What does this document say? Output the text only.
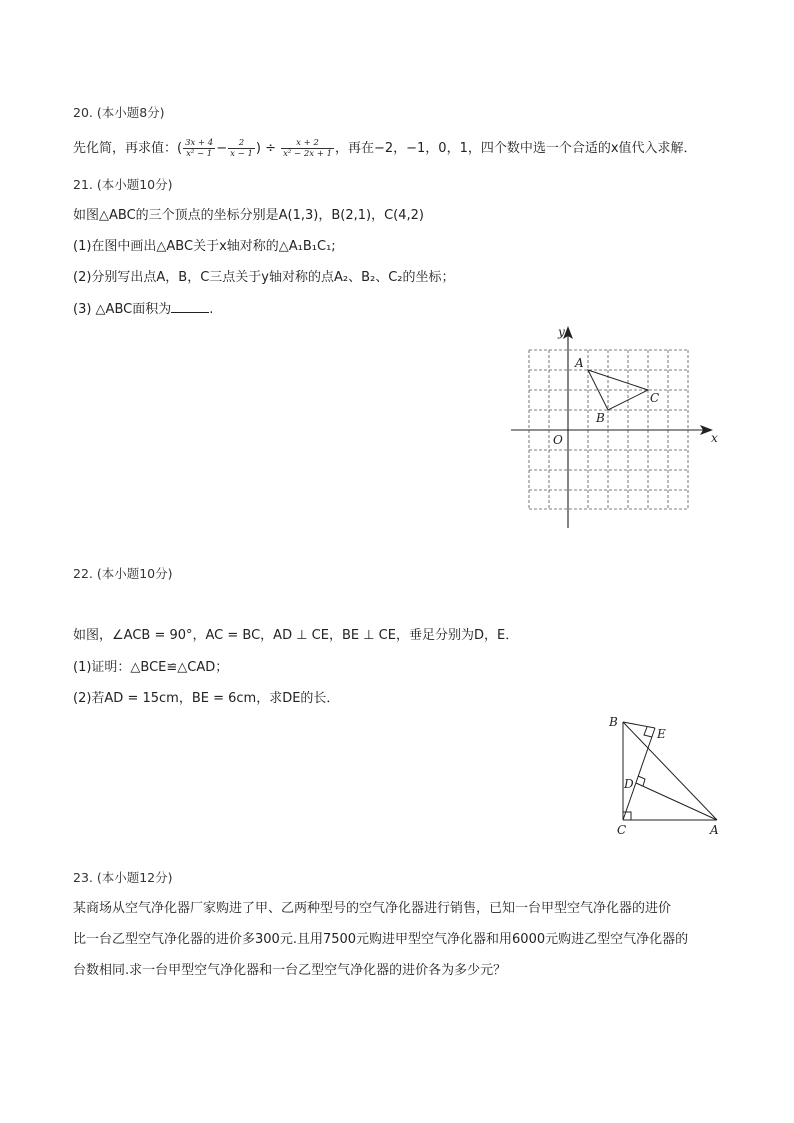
20. (本小题8分)
先化简，再求值：( $\frac{3x + 4}{\text{x² − 1}} - \frac{2}{x - 1}$ ) ÷ $\frac{x + 2}{\text{x² − 2x + 1}}$ ，再在−2，−1，0，1，四个数中选一个合适的x值代入求解．
21. (本小题10分)
如图△ABC的三个顶点的坐标分别是A(1,3)，B(2,1)，C(4,2)
(1)在图中画出△ABC关于x轴对称的△A₁B₁C₁;
(2)分别写出点A，B，C三点关于y轴对称的点A₂、B₂、C₂的坐标；
(3) △ABC面积为	.
y
x
O
A
B
C
22. (本小题10分)
如图，∠ACB = 90°，AC = BC，AD ⊥ CE，BE ⊥ CE，垂足分别为D，E．
(1)证明：△BCE≌△CAD；
(2)若AD = 15cm，BE = 6cm，求DE的长．
B
E
D
C	A
23. (本小题12分)
某商场从空气净化器厂家购进了甲、乙两种型号的空气净化器进行销售，已知一台甲型空气净化器的进价
比一台乙型空气净化器的进价多300元.且用7500元购进甲型空气净化器和用6000元购进乙型空气净化器的
台数相同.求一台甲型空气净化器和一台乙型空气净化器的进价各为多少元？
